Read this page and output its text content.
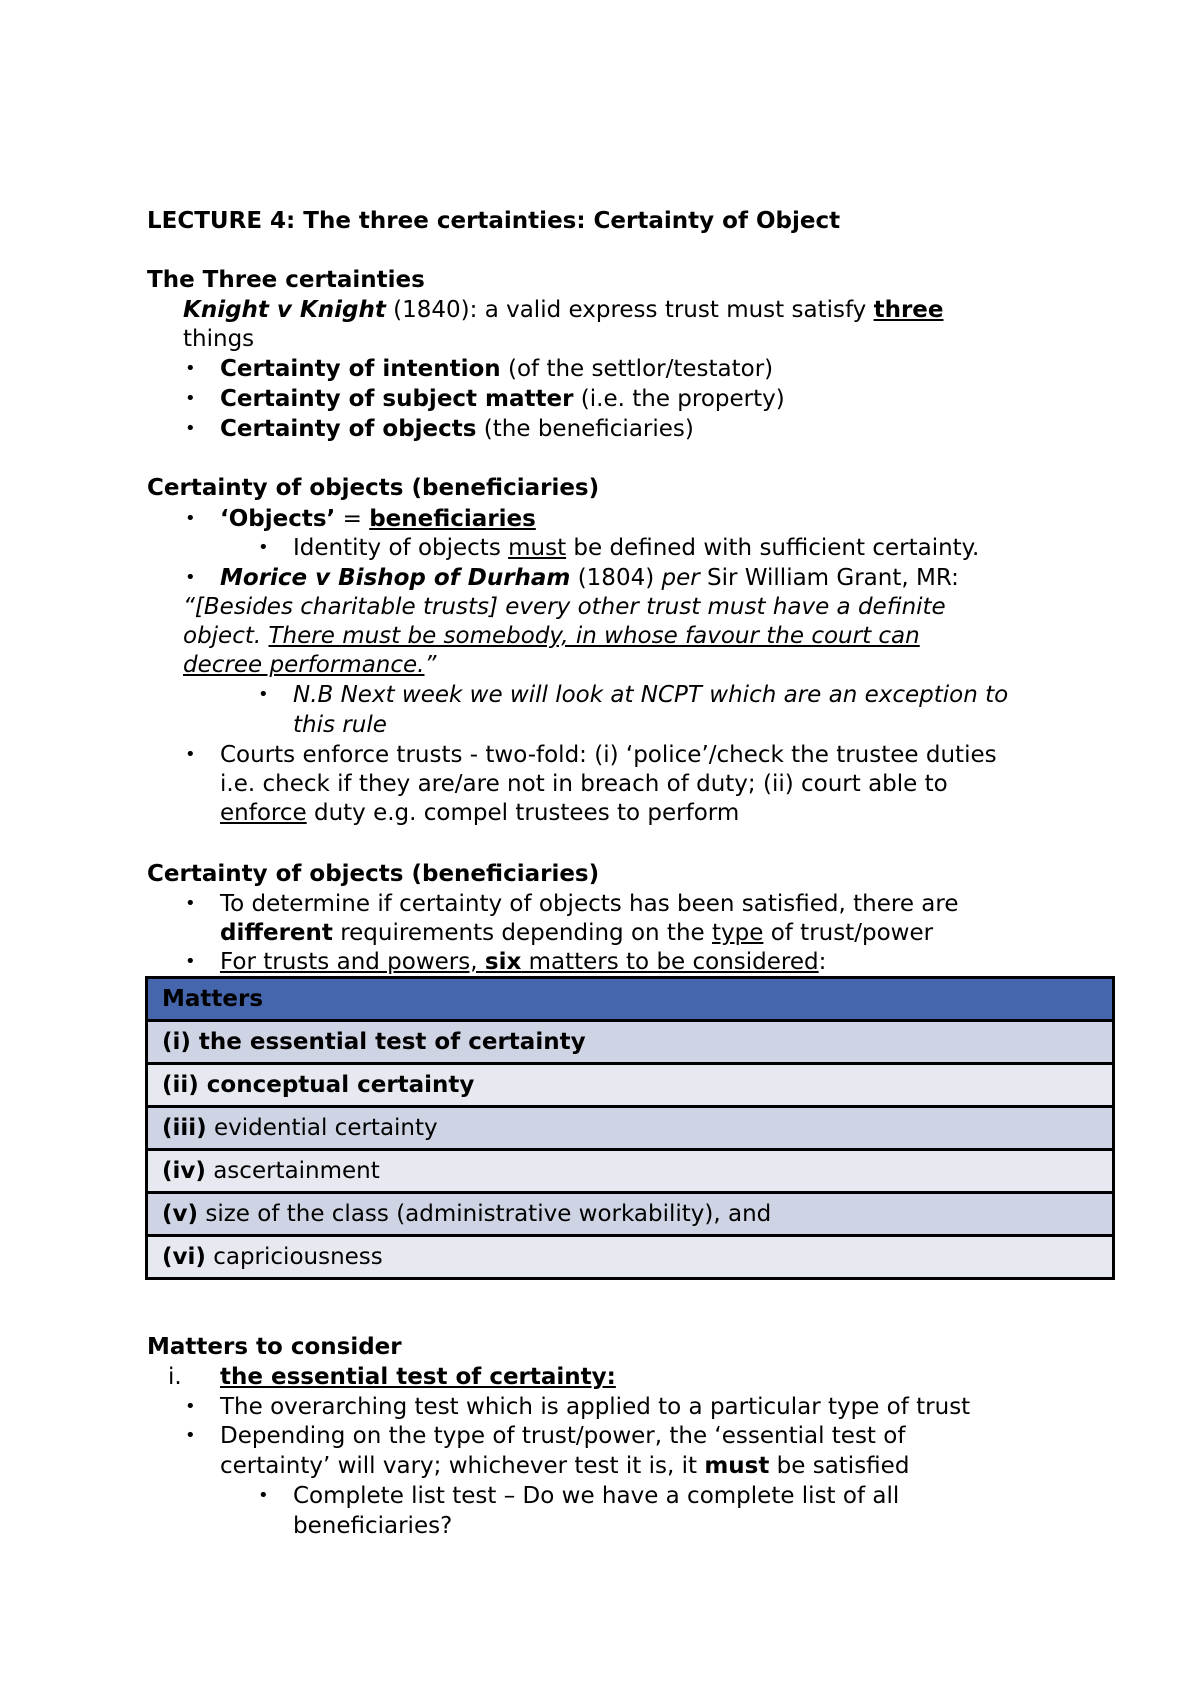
LECTURE 4: The three certainties: Certainty of Object
The Three certainties
Knight v Knight (1840): a valid express trust must satisfy three
things
• Certainty of intention (of the settlor/testator)
• Certainty of subject matter (i.e. the property)
• Certainty of objects (the beneficiaries)
Certainty of objects (beneficiaries)
• ‘Objects’ = beneficiaries
• Identity of objects must be defined with sufficient certainty.
• Morice v Bishop of Durham (1804) per Sir William Grant, MR:
“[Besides charitable trusts] every other trust must have a definite
object. There must be somebody, in whose favour the court can
decree performance.”
• N.B Next week we will look at NCPT which are an exception to
this rule
• Courts enforce trusts - two-fold: (i) ‘police’/check the trustee duties
i.e. check if they are/are not in breach of duty; (ii) court able to
enforce duty e.g. compel trustees to perform
Certainty of objects (beneficiaries)
• To determine if certainty of objects has been satisfied, there are
different requirements depending on the type of trust/power
• For trusts and powers, six matters to be considered:
Matters
(i) the essential test of certainty
(ii) conceptual certainty
(iii) evidential certainty
(iv) ascertainment
(v) size of the class (administrative workability), and
(vi) capriciousness
Matters to consider
i. the essential test of certainty:
• The overarching test which is applied to a particular type of trust
• Depending on the type of trust/power, the ‘essential test of
certainty’ will vary; whichever test it is, it must be satisfied
• Complete list test – Do we have a complete list of all
beneficiaries?
